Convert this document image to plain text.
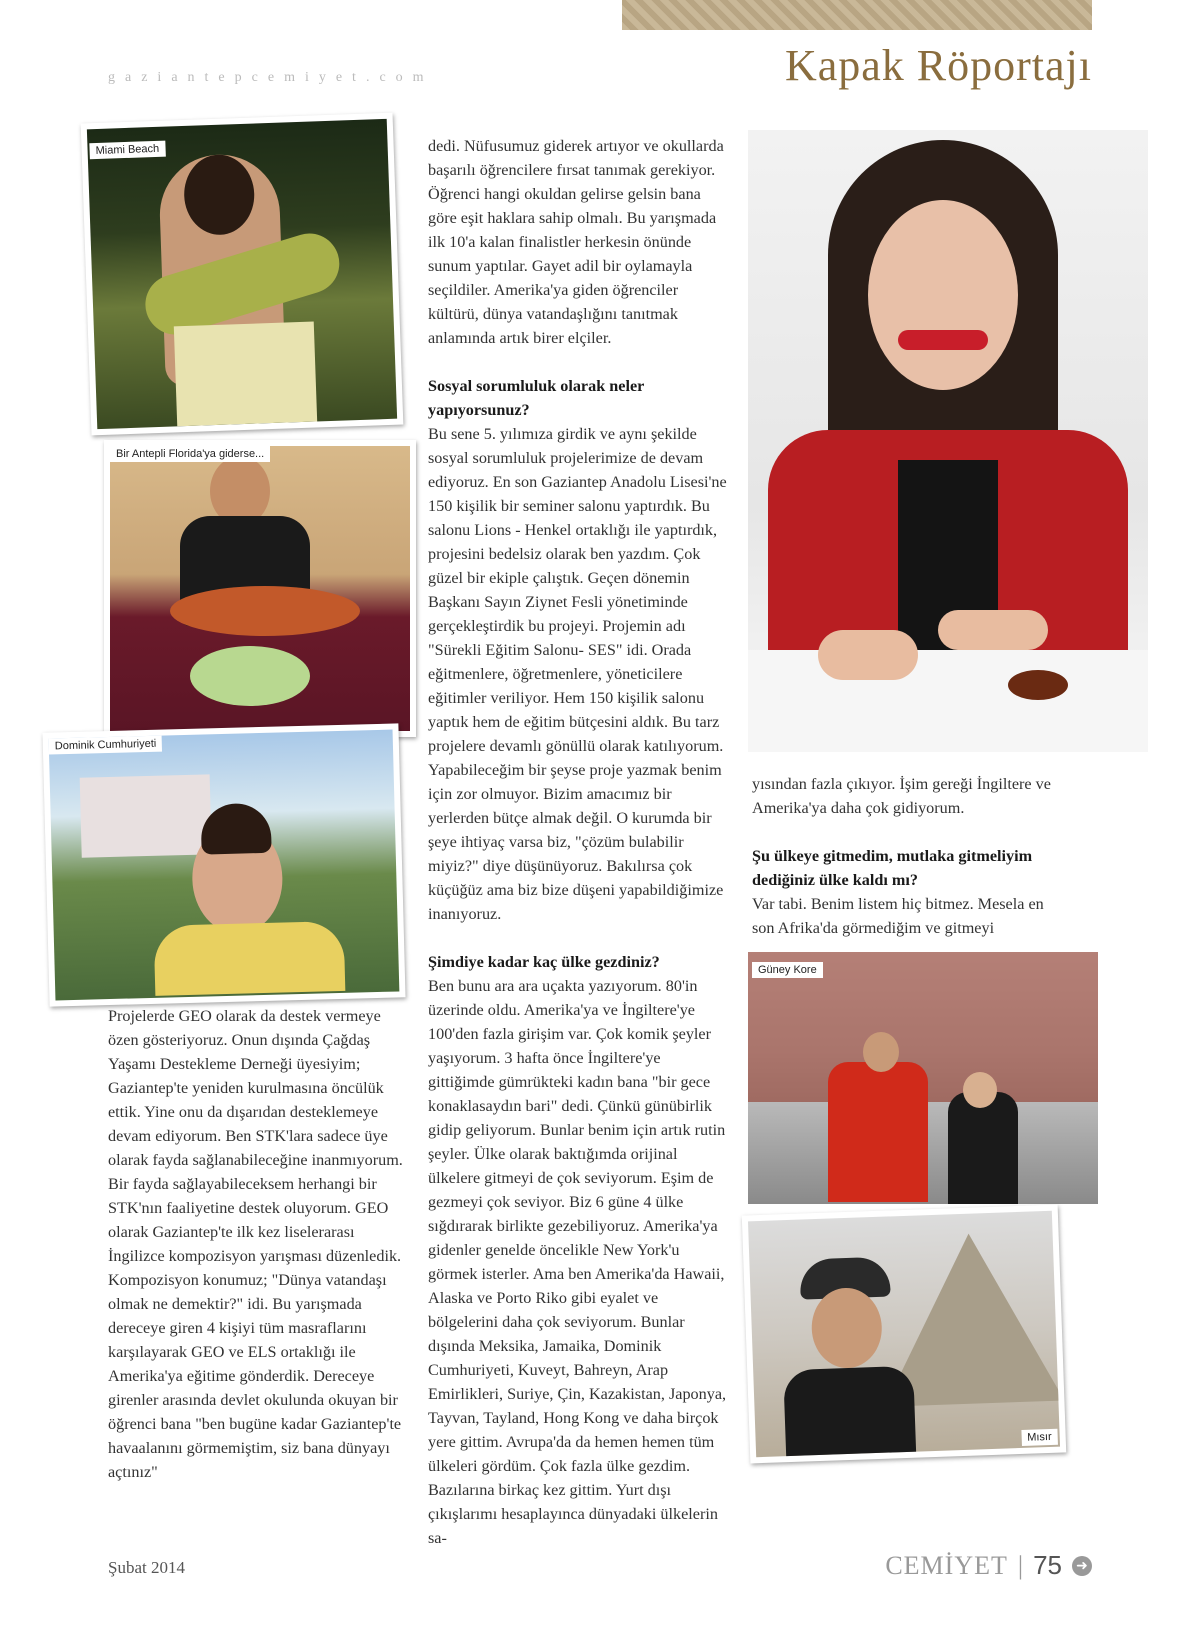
Kapak Röportajı
gaziantepcemiyet.com
Miami Beach
Bir Antepli Florida'ya giderse...
Dominik Cumhuriyeti
Güney Kore
Mısır

Projelerde GEO olarak da destek vermeye özen gösteriyoruz. Onun dışında Çağdaş Yaşamı Destekleme Derneği üyesiyim; Gaziantep'te yeniden kurulmasına öncülük ettik. Yine onu da dışarıdan desteklemeye devam ediyorum. Ben STK'lara sadece üye olarak fayda sağlanabileceğine inanmıyorum. Bir fayda sağlayabileceksem herhangi bir STK'nın faaliyetine destek oluyorum. GEO olarak Gaziantep'te ilk kez liselerarası İngilizce kompozisyon yarışması düzenledik. Kompozisyon konumuz; "Dünya vatandaşı olmak ne demektir?" idi. Bu yarışmada dereceye giren 4 kişiyi tüm masraflarını karşılayarak GEO ve ELS ortaklığı ile Amerika'ya eğitime gönderdik. Dereceye girenler arasında devlet okulunda okuyan bir öğrenci bana "ben bugüne kadar Gaziantep'te havaalanını görmemiştim, siz bana dünyayı açtınız"

dedi. Nüfusumuz giderek artıyor ve okullarda başarılı öğrencilere fırsat tanımak gerekiyor. Öğrenci hangi okuldan gelirse gelsin bana göre eşit haklara sahip olmalı. Bu yarışmada ilk 10'a kalan finalistler herkesin önünde sunum yaptılar. Gayet adil bir oylamayla seçildiler. Amerika'ya giden öğrenciler kültürü, dünya vatandaşlığını tanıtmak anlamında artık birer elçiler.

Sosyal sorumluluk olarak neler yapıyorsunuz?

Bu sene 5. yılımıza girdik ve aynı şekilde sosyal sorumluluk projelerimize de devam ediyoruz. En son Gaziantep Anadolu Lisesi'ne 150 kişilik bir seminer salonu yaptırdık. Bu salonu Lions - Henkel ortaklığı ile yaptırdık, projesini bedelsiz olarak ben yazdım. Çok güzel bir ekiple çalıştık. Geçen dönemin Başkanı Sayın Ziynet Fesli yönetiminde gerçekleştirdik bu projeyi. Projemin adı "Sürekli Eğitim Salonu- SES" idi. Orada eğitmenlere, öğretmenlere, yöneticilere eğitimler veriliyor. Hem 150 kişilik salonu yaptık hem de eğitim bütçesini aldık. Bu tarz projelere devamlı gönüllü olarak katılıyorum. Yapabileceğim bir şeyse proje yazmak benim için zor olmuyor. Bizim amacımız bir yerlerden bütçe almak değil. O kurumda bir şeye ihtiyaç varsa biz, "çözüm bulabilir miyiz?" diye düşünüyoruz. Bakılırsa çok küçüğüz ama biz bize düşeni yapabildiğimize inanıyoruz.

Şimdiye kadar kaç ülke gezdiniz?

Ben bunu ara ara uçakta yazıyorum. 80'in üzerinde oldu. Amerika'ya ve İngiltere'ye 100'den fazla girişim var. Çok komik şeyler yaşıyorum. 3 hafta önce İngiltere'ye gittiğimde gümrükteki kadın bana "bir gece konaklasaydın bari" dedi. Çünkü günübirlik gidip geliyorum. Bunlar benim için artık rutin şeyler. Ülke olarak baktığımda orijinal ülkelere gitmeyi de çok seviyorum. Eşim de gezmeyi çok seviyor. Biz 6 güne 4 ülke sığdırarak birlikte gezebiliyoruz. Amerika'ya gidenler genelde öncelikle New York'u görmek isterler. Ama ben Amerika'da Hawaii, Alaska ve Porto Riko gibi eyalet ve bölgelerini daha çok seviyorum. Bunlar dışında Meksika, Jamaika, Dominik Cumhuriyeti, Kuveyt, Bahreyn, Arap Emirlikleri, Suriye, Çin, Kazakistan, Japonya, Tayvan, Tayland, Hong Kong ve daha birçok yere gittim. Avrupa'da da hemen hemen tüm ülkeleri gördüm. Çok fazla ülke gezdim. Bazılarına birkaç kez gittim. Yurt dışı çıkışlarımı hesaplayınca dünyadaki ülkelerin sa-

yısından fazla çıkıyor. İşim gereği İngiltere ve Amerika'ya daha çok gidiyorum.

Şu ülkeye gitmedim, mutlaka gitmeliyim dediğiniz ülke kaldı mı?

Var tabi. Benim listem hiç bitmez. Mesela en son Afrika'da görmediğim ve gitmeyi

Şubat 2014	CEMİYET | 75 ➜
